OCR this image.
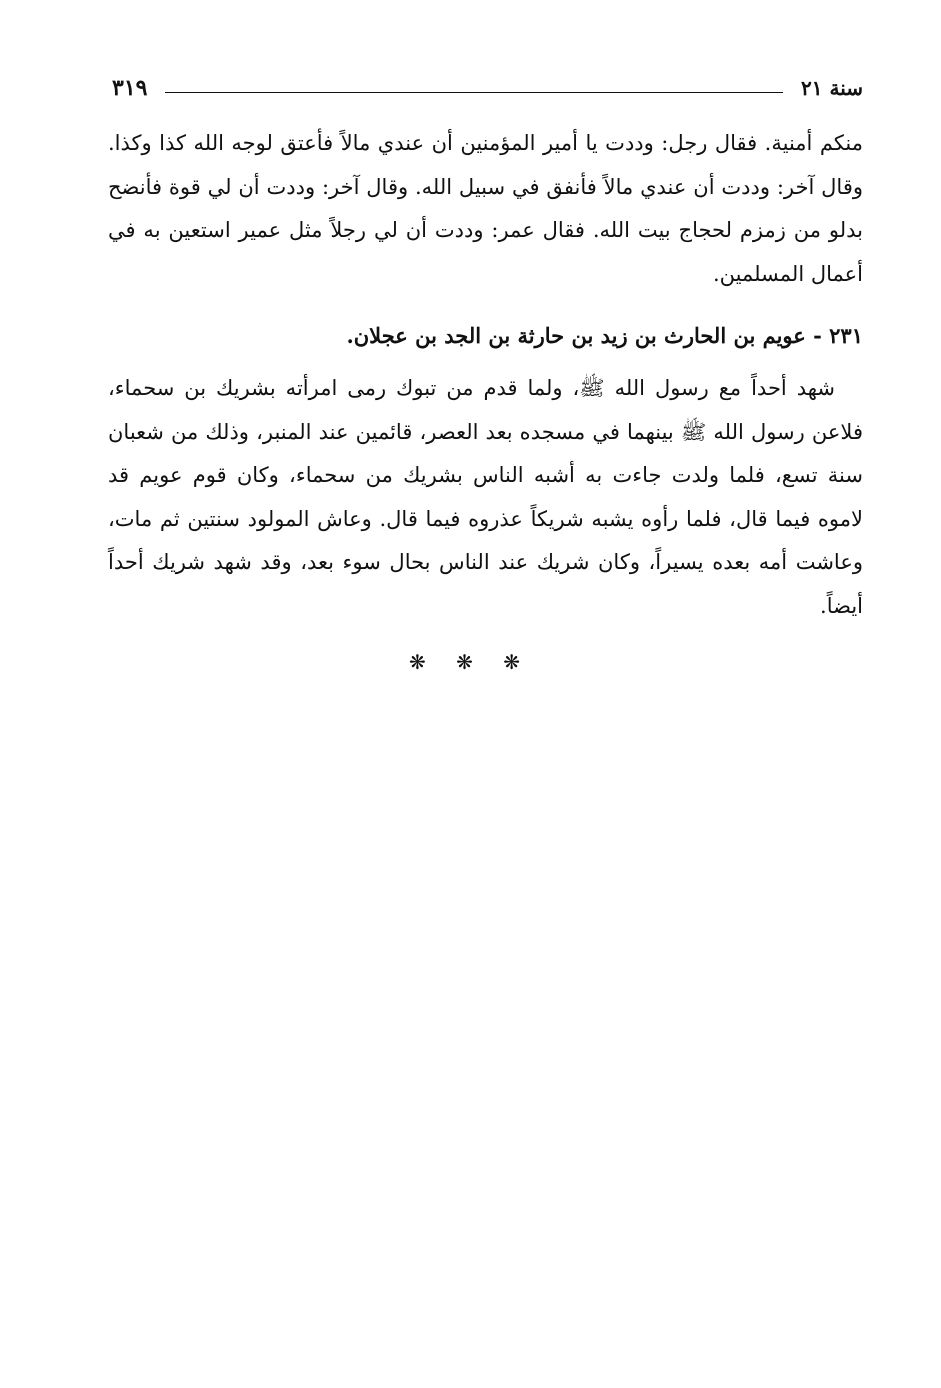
سنة ٢١
٣١٩

منكم أمنية. فقال رجل: وددت يا أمير المؤمنين أن عندي مالاً فأعتق لوجه الله كذا وكذا. وقال آخر: وددت أن عندي مالاً فأنفق في سبيل الله. وقال آخر: وددت أن لي قوة فأنضح بدلو من زمزم لحجاج بيت الله. فقال عمر: وددت أن لي رجلاً مثل عمير استعين به في أعمال المسلمين.

٢٣١ - عويم بن الحارث بن زيد بن حارثة بن الجد بن عجلان.

شهد أحداً مع رسول الله ﷺ، ولما قدم من تبوك رمى امرأته بشريك بن سحماء، فلاعن رسول الله ﷺ بينهما في مسجده بعد العصر، قائمين عند المنبر، وذلك من شعبان سنة تسع، فلما ولدت جاءت به أشبه الناس بشريك من سحماء، وكان قوم عويم قد لاموه فيما قال، فلما رأوه يشبه شريكاً عذروه فيما قال. وعاش المولود سنتين ثم مات، وعاشت أمه بعده يسيراً، وكان شريك عند الناس بحال سوء بعد، وقد شهد شريك أحداً أيضاً.

❋ ❋ ❋
